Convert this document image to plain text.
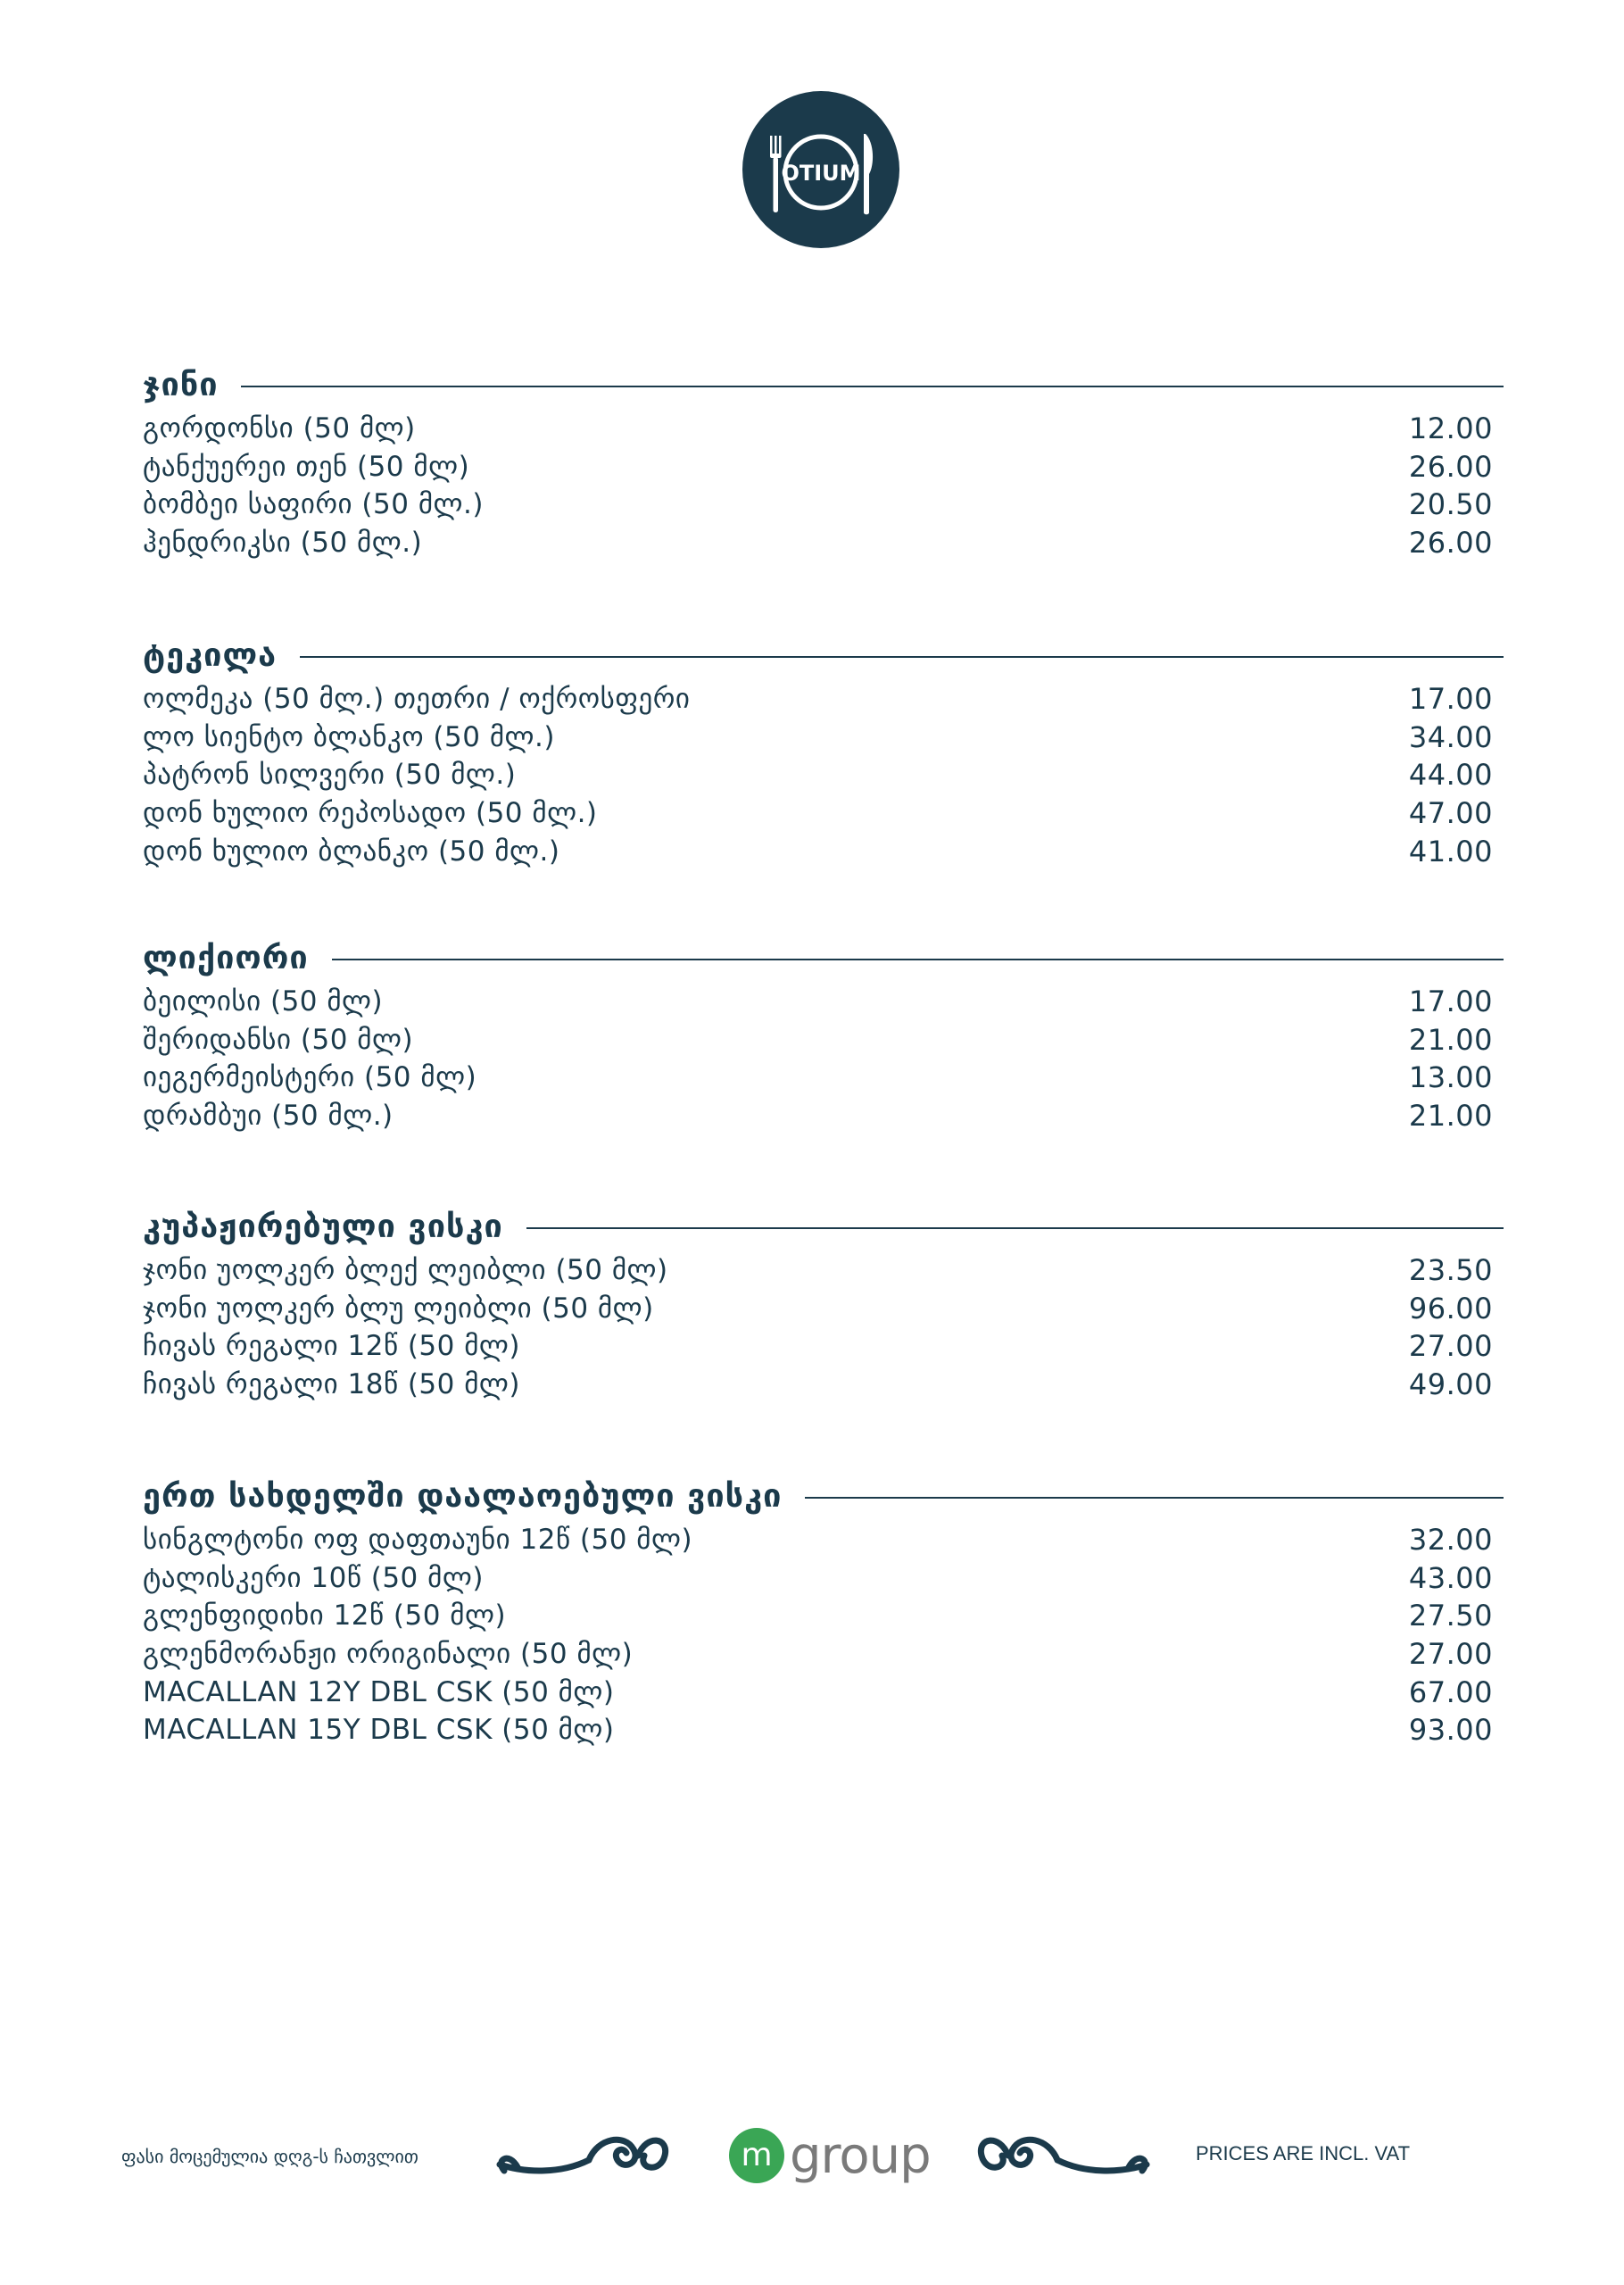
OTIUM
ჯინი
გორდონსი (50 მლ)	12.00
ტანქუერეი თენ (50 მლ)	26.00
ბომბეი საფირი (50 მლ.)	20.50
ჰენდრიკსი (50 მლ.)	26.00
ტეკილა
ოლმეკა (50 მლ.) თეთრი / ოქროსფერი	17.00
ლო სიენტო ბლანკო (50 მლ.)	34.00
პატრონ სილვერი (50 მლ.)	44.00
დონ ხულიო რეპოსადო (50 მლ.)	47.00
დონ ხულიო ბლანკო (50 მლ.)	41.00
ლიქიორი
ბეილისი (50 მლ)	17.00
შერიდანსი (50 მლ)	21.00
იეგერმეისტერი (50 მლ)	13.00
დრამბუი (50 მლ.)	21.00
კუპაჟირებული ვისკი
ჯონი უოლკერ ბლექ ლეიბლი (50 მლ)	23.50
ჯონი უოლკერ ბლუ ლეიბლი (50 მლ)	96.00
ჩივას რეგალი 12წ (50 მლ)	27.00
ჩივას რეგალი 18წ (50 მლ)	49.00
ერთ სახდელში დაალაოებული ვისკი
სინგლტონი ოფ დაფთაუნი 12წ (50 მლ)	32.00
ტალისკერი 10წ (50 მლ)	43.00
გლენფიდიხი 12წ (50 მლ)	27.50
გლენმორანჟი ორიგინალი (50 მლ)	27.00
MACALLAN 12Y DBL CSK (50 მლ)	67.00
MACALLAN 15Y DBL CSK (50 მლ)	93.00
ფასი მოცემულია დღგ-ს ჩათვლით	m group	PRICES ARE INCL. VAT
